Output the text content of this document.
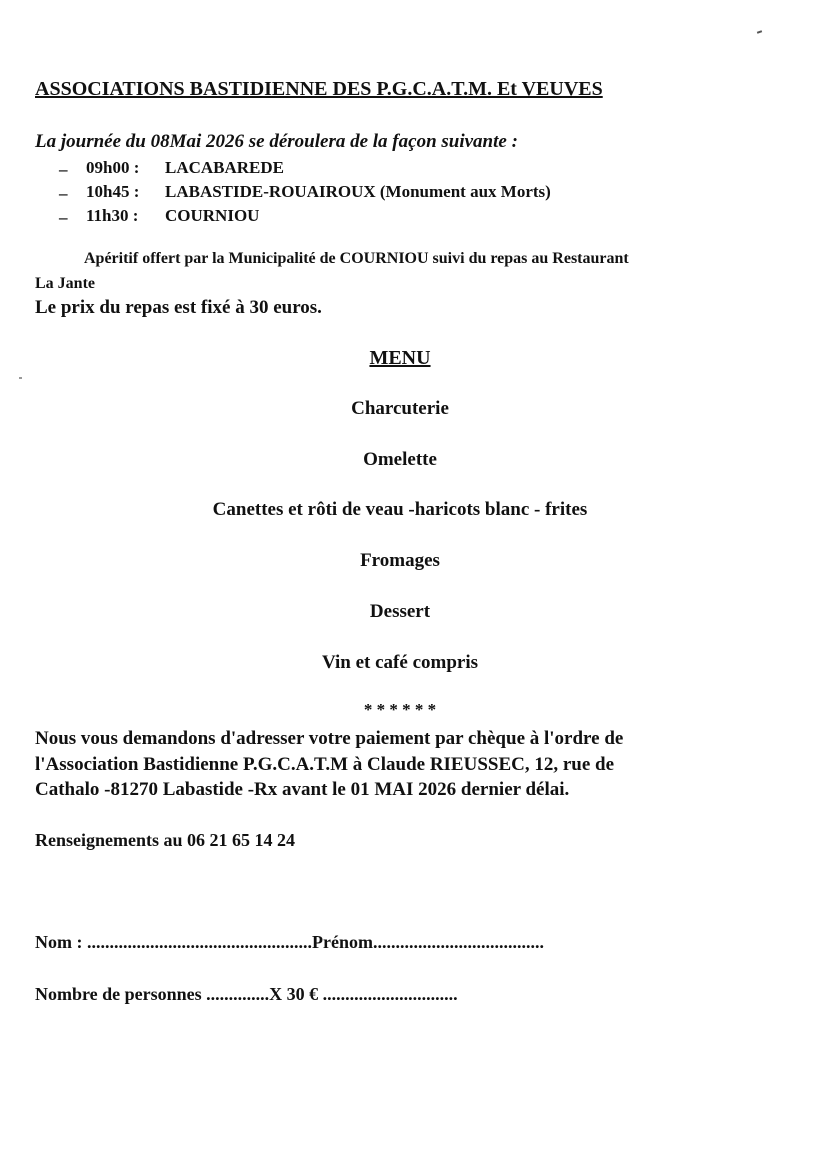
ASSOCIATIONS BASTIDIENNE DES P.G.C.A.T.M. Et VEUVES
La journée du 08Mai 2026 se déroulera de la façon suivante :
– 09h00 : LACABAREDE
– 10h45 : LABASTIDE-ROUAIROUX (Monument aux Morts)
– 11h30 : COURNIOU
Apéritif offert par la Municipalité de COURNIOU suivi du repas au Restaurant
La Jante
Le prix du repas est fixé à 30 euros.
MENU
Charcuterie
Omelette
Canettes et rôti de veau -haricots blanc - frites
Fromages
Dessert
Vin et café compris
* * * * * *
Nous vous demandons d'adresser votre paiement par chèque à l'ordre de
l'Association Bastidienne P.G.C.A.T.M à Claude RIEUSSEC, 12, rue de
Cathalo -81270 Labastide -Rx avant le 01 MAI 2026 dernier délai.
Renseignements au 06 21 65 14 24
Nom : ..................................................Prénom......................................
Nombre de personnes ..............X 30 € ..............................
